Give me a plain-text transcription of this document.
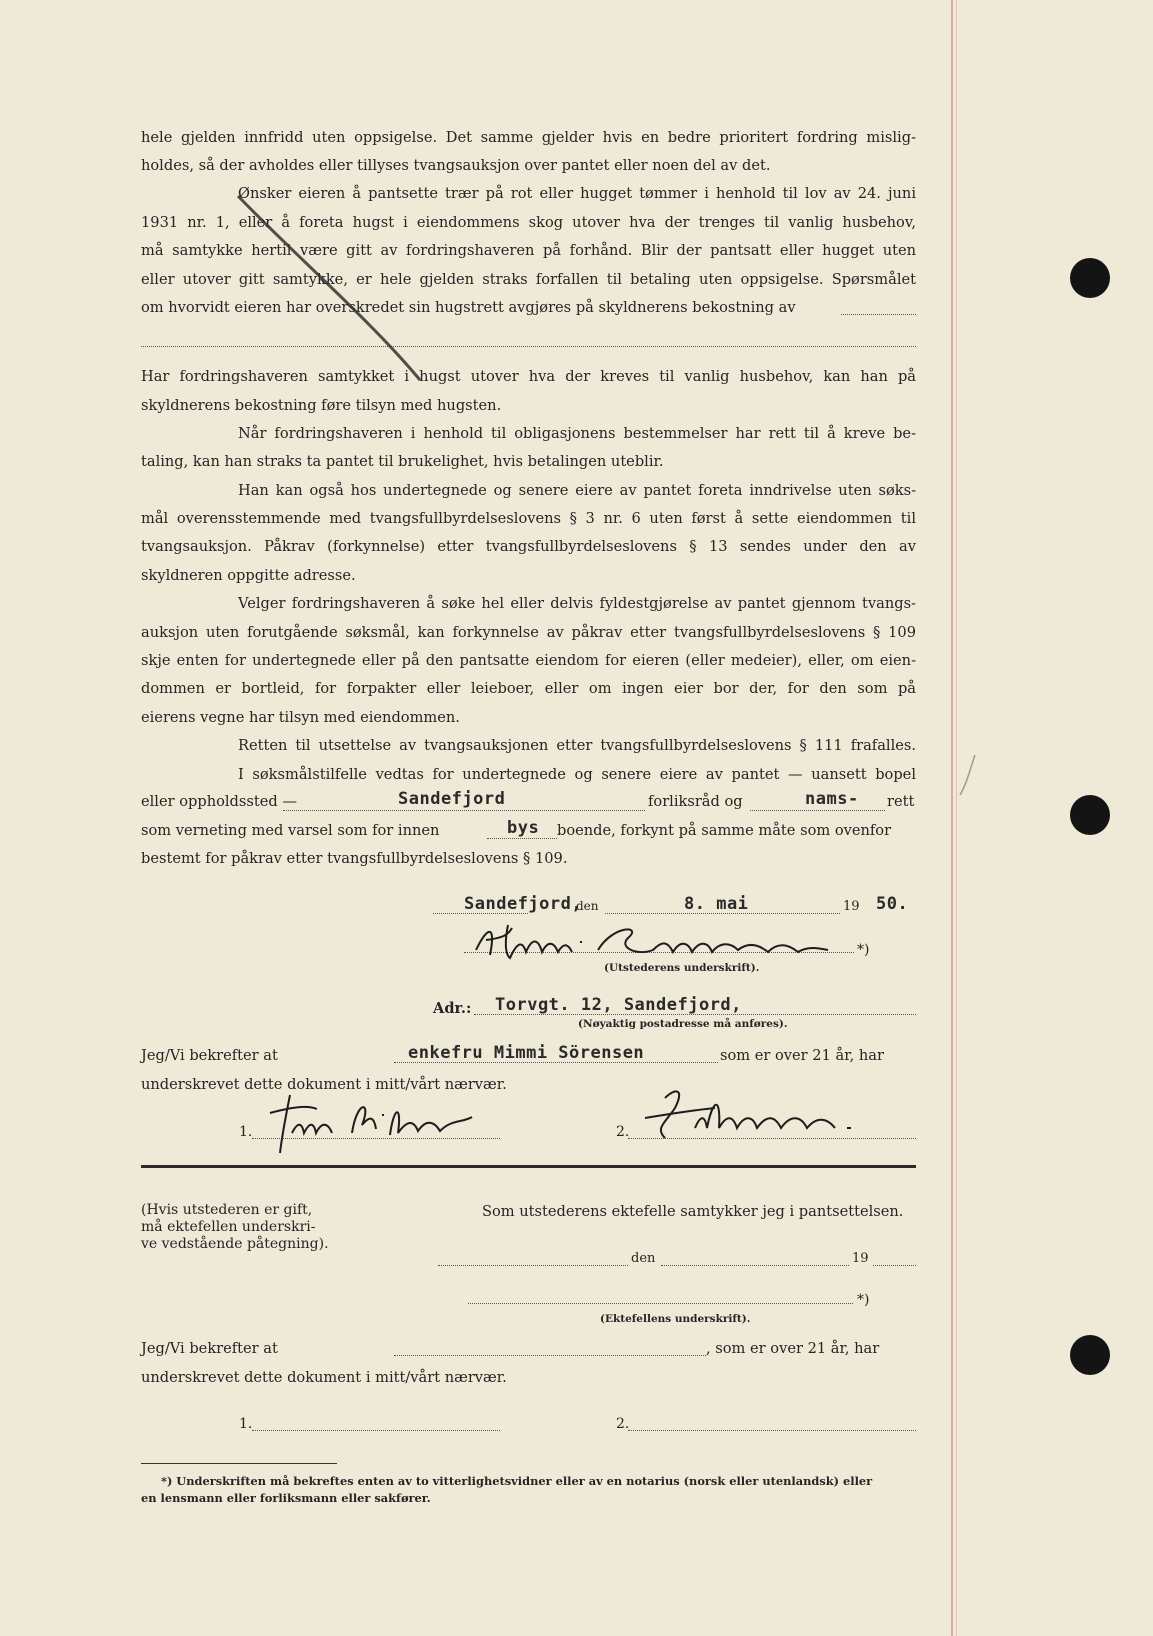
hele gjelden innfridd uten oppsigelse. Det samme gjelder hvis en bedre prioritert fordring mislig-
holdes, så der avholdes eller tillyses tvangsauksjon over pantet eller noen del av det.
Ønsker eieren å pantsette trær på rot eller hugget tømmer i henhold til lov av 24. juni
1931 nr. 1, eller å foreta hugst i eiendommens skog utover hva der trenges til vanlig husbehov,
må samtykke hertil være gitt av fordringshaveren på forhånd. Blir der pantsatt eller hugget uten
eller utover gitt samtykke, er hele gjelden straks forfallen til betaling uten oppsigelse. Spørsmålet
om hvorvidt eieren har overskredet sin hugstrett avgjøres på skyldnerens bekostning av
Har fordringshaveren samtykket i hugst utover hva der kreves til vanlig husbehov, kan han på
skyldnerens bekostning føre tilsyn med hugsten.
Når fordringshaveren i henhold til obligasjonens bestemmelser har rett til å kreve be-
taling, kan han straks ta pantet til brukelighet, hvis betalingen uteblir.
Han kan også hos undertegnede og senere eiere av pantet foreta inndrivelse uten søks-
mål overensstemmende med tvangsfullbyrdelseslovens § 3 nr. 6 uten først å sette eiendommen til
tvangsauksjon. Påkrav (forkynnelse) etter tvangsfullbyrdelseslovens § 13 sendes under den av
skyldneren oppgitte adresse.
Velger fordringshaveren å søke hel eller delvis fyldestgjørelse av pantet gjennom tvangs-
auksjon uten forutgående søksmål, kan forkynnelse av påkrav etter tvangsfullbyrdelseslovens § 109
skje enten for undertegnede eller på den pantsatte eiendom for eieren (eller medeier), eller, om eien-
dommen er bortleid, for forpakter eller leieboer, eller om ingen eier bor der, for den som på
eierens vegne har tilsyn med eiendommen.
Retten til utsettelse av tvangsauksjonen etter tvangsfullbyrdelseslovens § 111 frafalles.
I søksmålstilfelle vedtas for undertegnede og senere eiere av pantet — uansett bopel
eller oppholdssted —	Sandefjord	forliksråd og	nams- rett
som verneting med varsel som for innen	bys boende, forkynt på samme måte som ovenfor
bestemt for påkrav etter tvangsfullbyrdelseslovens § 109.
Sandefjord,
den	8. mai	19 50.
*)
(Utstederens underskrift).
Adr.: Torvgt. 12, Sandefjord,
(Nøyaktig postadresse må anføres).
Jeg/Vi bekrefter at	enkefru Mimmi Sörensen	som er over 21 år, har
underskrevet dette dokument i mitt/vårt nærvær.
1.	2.
(Hvis utstederen er gift,
må ektefellen underskri-
ve vedstående påtegning).
Som utstederens ektefelle samtykker jeg i pantsettelsen.
den	19
*)
(Ektefellens underskrift).
Jeg/Vi bekrefter at	, som er over 21 år, har
underskrevet dette dokument i mitt/vårt nærvær.
1.	2.
*) Underskriften må bekreftes enten av to vitterlighetsvidner eller av en notarius (norsk eller utenlandsk) eller
en lensmann eller forliksmann eller sakfører.
